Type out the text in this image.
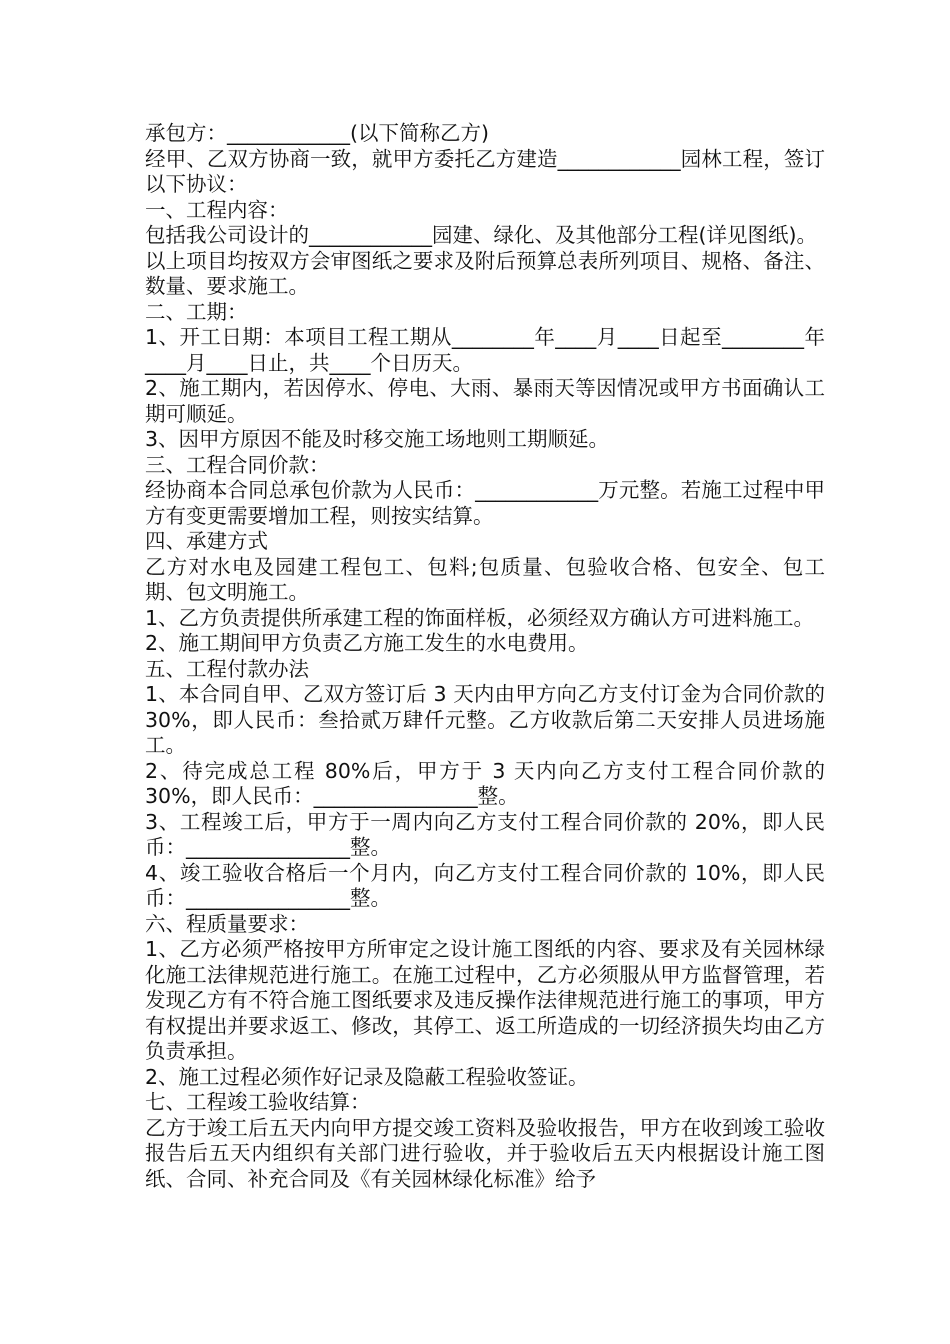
承包方：____________(以下简称乙方)

经甲、乙双方协商一致，就甲方委托乙方建造____________园林工程，签订以下协议：

一、工程内容：

包括我公司设计的____________园建、绿化、及其他部分工程(详见图纸)。

以上项目均按双方会审图纸之要求及附后预算总表所列项目、规格、备注、数量、要求施工。

二、工期：

1、开工日期：本项目工程工期从________年____月____日起至________年____月____日止，共____个日历天。

2、施工期内，若因停水、停电、大雨、暴雨天等因情况或甲方书面确认工期可顺延。

3、因甲方原因不能及时移交施工场地则工期顺延。

三、工程合同价款：

经协商本合同总承包价款为人民币：____________万元整。若施工过程中甲方有变更需要增加工程，则按实结算。

四、承建方式

乙方对水电及园建工程包工、包料;包质量、包验收合格、包安全、包工期、包文明施工。

1、乙方负责提供所承建工程的饰面样板，必须经双方确认方可进料施工。

2、施工期间甲方负责乙方施工发生的水电费用。

五、工程付款办法

1、本合同自甲、乙双方签订后 3 天内由甲方向乙方支付订金为合同价款的 30%，即人民币：叁拾贰万肆仟元整。乙方收款后第二天安排人员进场施工。

2、待完成总工程 80%后，甲方于 3 天内向乙方支付工程合同价款的 30%，即人民币：________________整。

3、工程竣工后，甲方于一周内向乙方支付工程合同价款的 20%，即人民币：________________整。

4、竣工验收合格后一个月内，向乙方支付工程合同价款的 10%，即人民币：________________整。

六、程质量要求：

1、乙方必须严格按甲方所审定之设计施工图纸的内容、要求及有关园林绿化施工法律规范进行施工。在施工过程中，乙方必须服从甲方监督管理，若发现乙方有不符合施工图纸要求及违反操作法律规范进行施工的事项，甲方有权提出并要求返工、修改，其停工、返工所造成的一切经济损失均由乙方负责承担。

2、施工过程必须作好记录及隐蔽工程验收签证。

七、工程竣工验收结算：

乙方于竣工后五天内向甲方提交竣工资料及验收报告，甲方在收到竣工验收报告后五天内组织有关部门进行验收，并于验收后五天内根据设计施工图纸、合同、补充合同及《有关园林绿化标准》给予
